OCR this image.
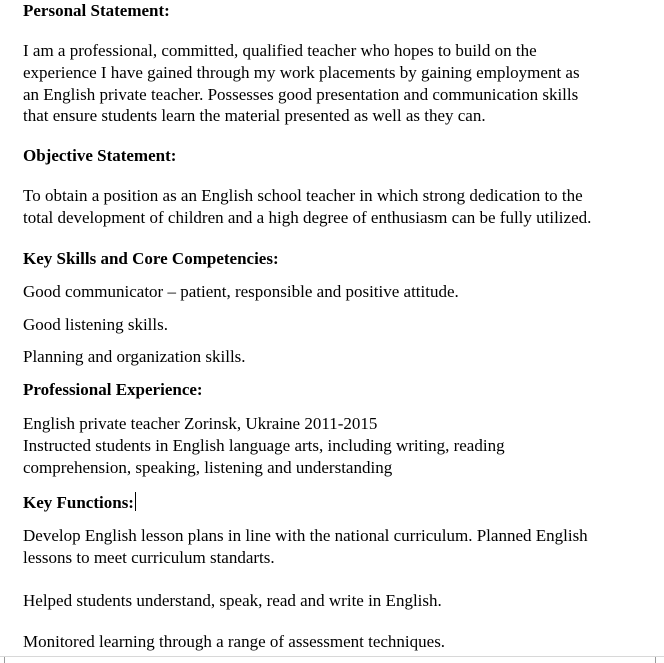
Personal Statement:
I am a professional, committed, qualified teacher who hopes to build on the
experience I have gained through my work placements by gaining employment as
an English private teacher. Possesses good presentation and communication skills
that ensure students learn the material presented as well as they can.
Objective Statement:
To obtain a position as an English school teacher in which strong dedication to the
total development of children and a high degree of enthusiasm can be fully utilized.
Key Skills and Core Competencies:
Good communicator – patient, responsible and positive attitude.
Good listening skills.
Planning and organization skills.
Professional Experience:
English private teacher Zorinsk, Ukraine 2011-2015
Instructed students in English language arts, including writing, reading
comprehension, speaking, listening and understanding
Key Functions:
Develop English lesson plans in line with the national curriculum. Planned English
lessons to meet curriculum standarts.
Helped students understand, speak, read and write in English.
Monitored learning through a range of assessment techniques.
